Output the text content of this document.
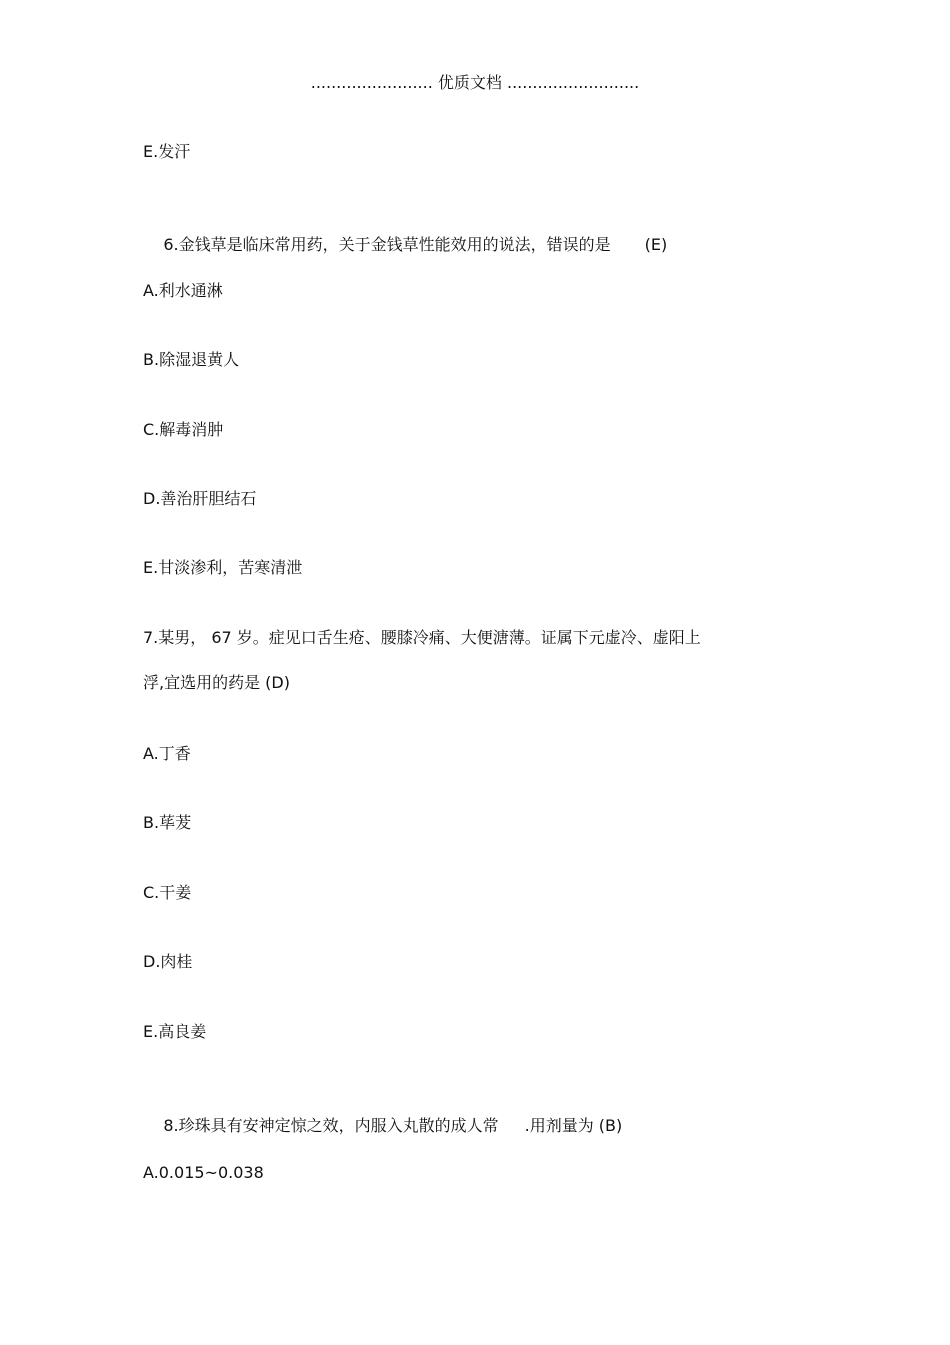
........................ 优质文档 ..........................
E.发汗

6.金钱草是临床常用药，关于金钱草性能效用的说法，错误的是 (E)

A.利水通淋
B.除湿退黄人
C.解毒消肿
D.善治肝胆结石
E.甘淡渗利，苦寒清泄
7.某男， 67 岁。症见口舌生疮、腰膝冷痛、大便溏薄。证属下元虚冷、虚阳上
浮,宜选用的药是 (D)
A.丁香
B.荜茇
C.干姜
D.肉桂
E.高良姜

8.珍珠具有安神定惊之效，内服入丸散的成人常 .用剂量为 (B)

A.0.015~0.038
